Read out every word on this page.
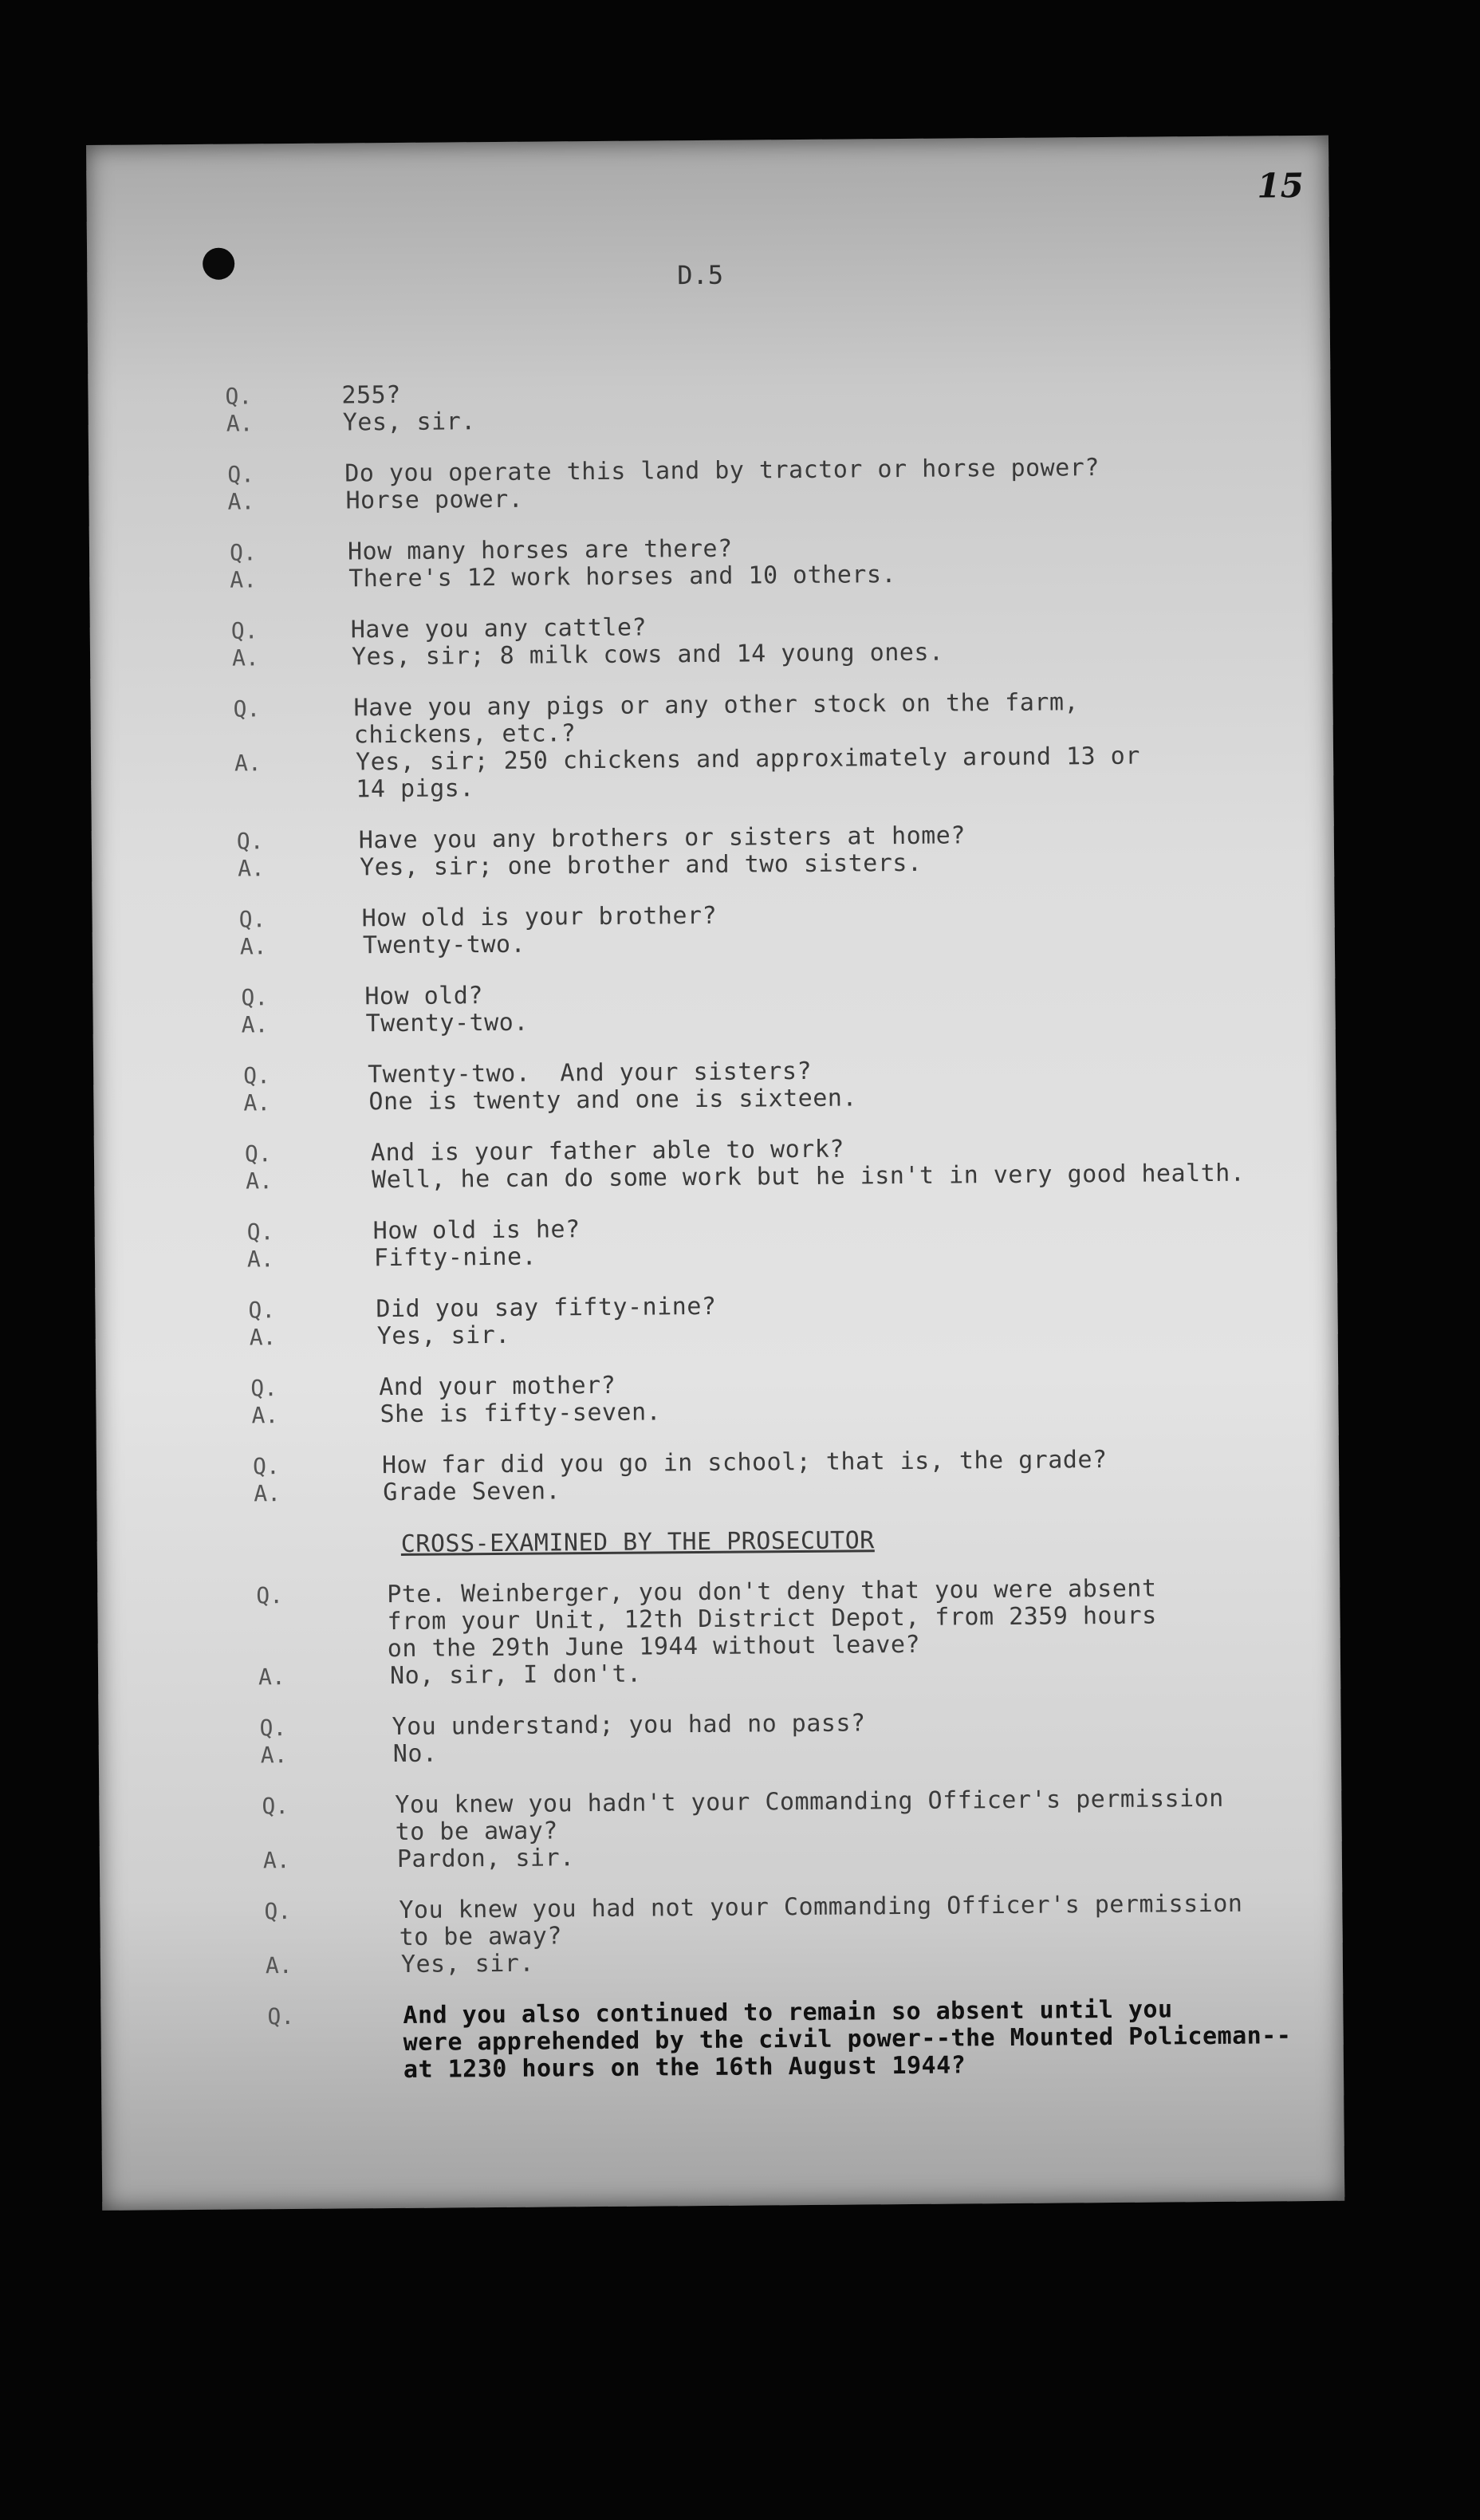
15
D.5

255?

Q.

Yes, sir.

A.

Do you operate this land by tractor or horse power?

Q.

Horse power.

A.

How many horses are there?

Q.

There's 12 work horses and 10 others.

A.

Have you any cattle?

Q.

Yes, sir; 8 milk cows and 14 young ones.

A.

Have you any pigs or any other stock on the farm,
chickens, etc.?

Q.

Yes, sir; 250 chickens and approximately around 13 or
14 pigs.

A.

Have you any brothers or sisters at home?

Q.

Yes, sir; one brother and two sisters.

A.

How old is your brother?

Q.

Twenty-two.

A.

How old?

Q.

Twenty-two.

A.

Twenty-two.  And your sisters?

Q.

One is twenty and one is sixteen.

A.

And is your father able to work?

Q.

Well, he can do some work but he isn't in very good health.

A.

How old is he?

Q.

Fifty-nine.

A.

Did you say fifty-nine?

Q.

Yes, sir.

A.

And your mother?

Q.

She is fifty-seven.

A.

How far did you go in school; that is, the grade?

Q.

Grade Seven.

A.
CROSS-EXAMINED BY THE PROSECUTOR

Pte. Weinberger, you don't deny that you were absent
from your Unit, 12th District Depot, from 2359 hours
on the 29th June 1944 without leave?

Q.

No, sir, I don't.

A.

You understand; you had no pass?

Q.

No.

A.

You knew you hadn't your Commanding Officer's permission
to be away?

Q.

Pardon, sir.

A.

You knew you had not your Commanding Officer's permission
to be away?

Q.

Yes, sir.

A.

And you also continued to remain so absent until you
were apprehended by the civil power--the Mounted Policeman--
at 1230 hours on the 16th August 1944?

Q.
